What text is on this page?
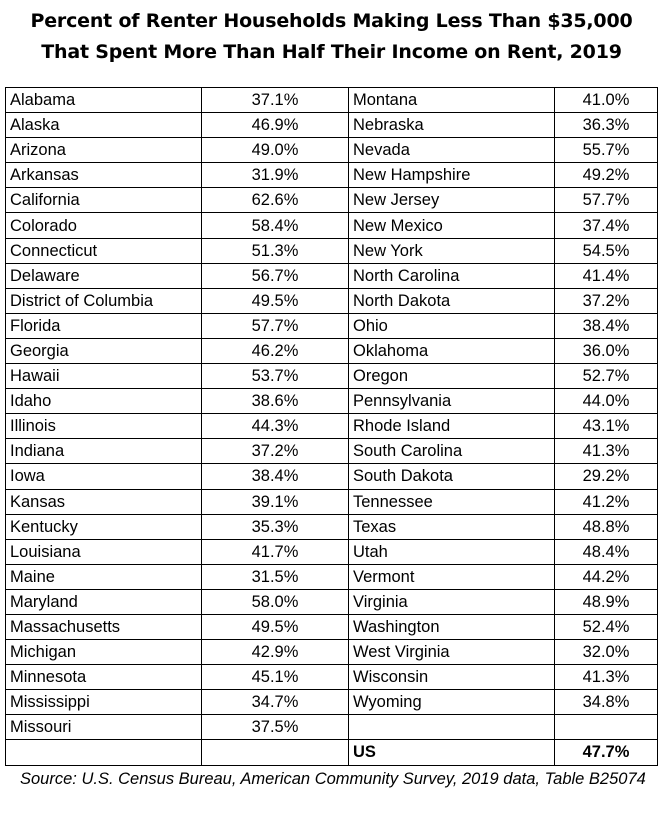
Percent of Renter Households Making Less Than $35,000
That Spent More Than Half Their Income on Rent, 2019
Alabama	37.1%	Montana	41.0%
Alaska	46.9%	Nebraska	36.3%
Arizona	49.0%	Nevada	55.7%
Arkansas	31.9%	New Hampshire	49.2%
California	62.6%	New Jersey	57.7%
Colorado	58.4%	New Mexico	37.4%
Connecticut	51.3%	New York	54.5%
Delaware	56.7%	North Carolina	41.4%
District of Columbia	49.5%	North Dakota	37.2%
Florida	57.7%	Ohio	38.4%
Georgia	46.2%	Oklahoma	36.0%
Hawaii	53.7%	Oregon	52.7%
Idaho	38.6%	Pennsylvania	44.0%
Illinois	44.3%	Rhode Island	43.1%
Indiana	37.2%	South Carolina	41.3%
Iowa	38.4%	South Dakota	29.2%
Kansas	39.1%	Tennessee	41.2%
Kentucky	35.3%	Texas	48.8%
Louisiana	41.7%	Utah	48.4%
Maine	31.5%	Vermont	44.2%
Maryland	58.0%	Virginia	48.9%
Massachusetts	49.5%	Washington	52.4%
Michigan	42.9%	West Virginia	32.0%
Minnesota	45.1%	Wisconsin	41.3%
Mississippi	34.7%	Wyoming	34.8%
Missouri	37.5%		
		US	47.7%
Source: U.S. Census Bureau, American Community Survey, 2019 data, Table B25074
